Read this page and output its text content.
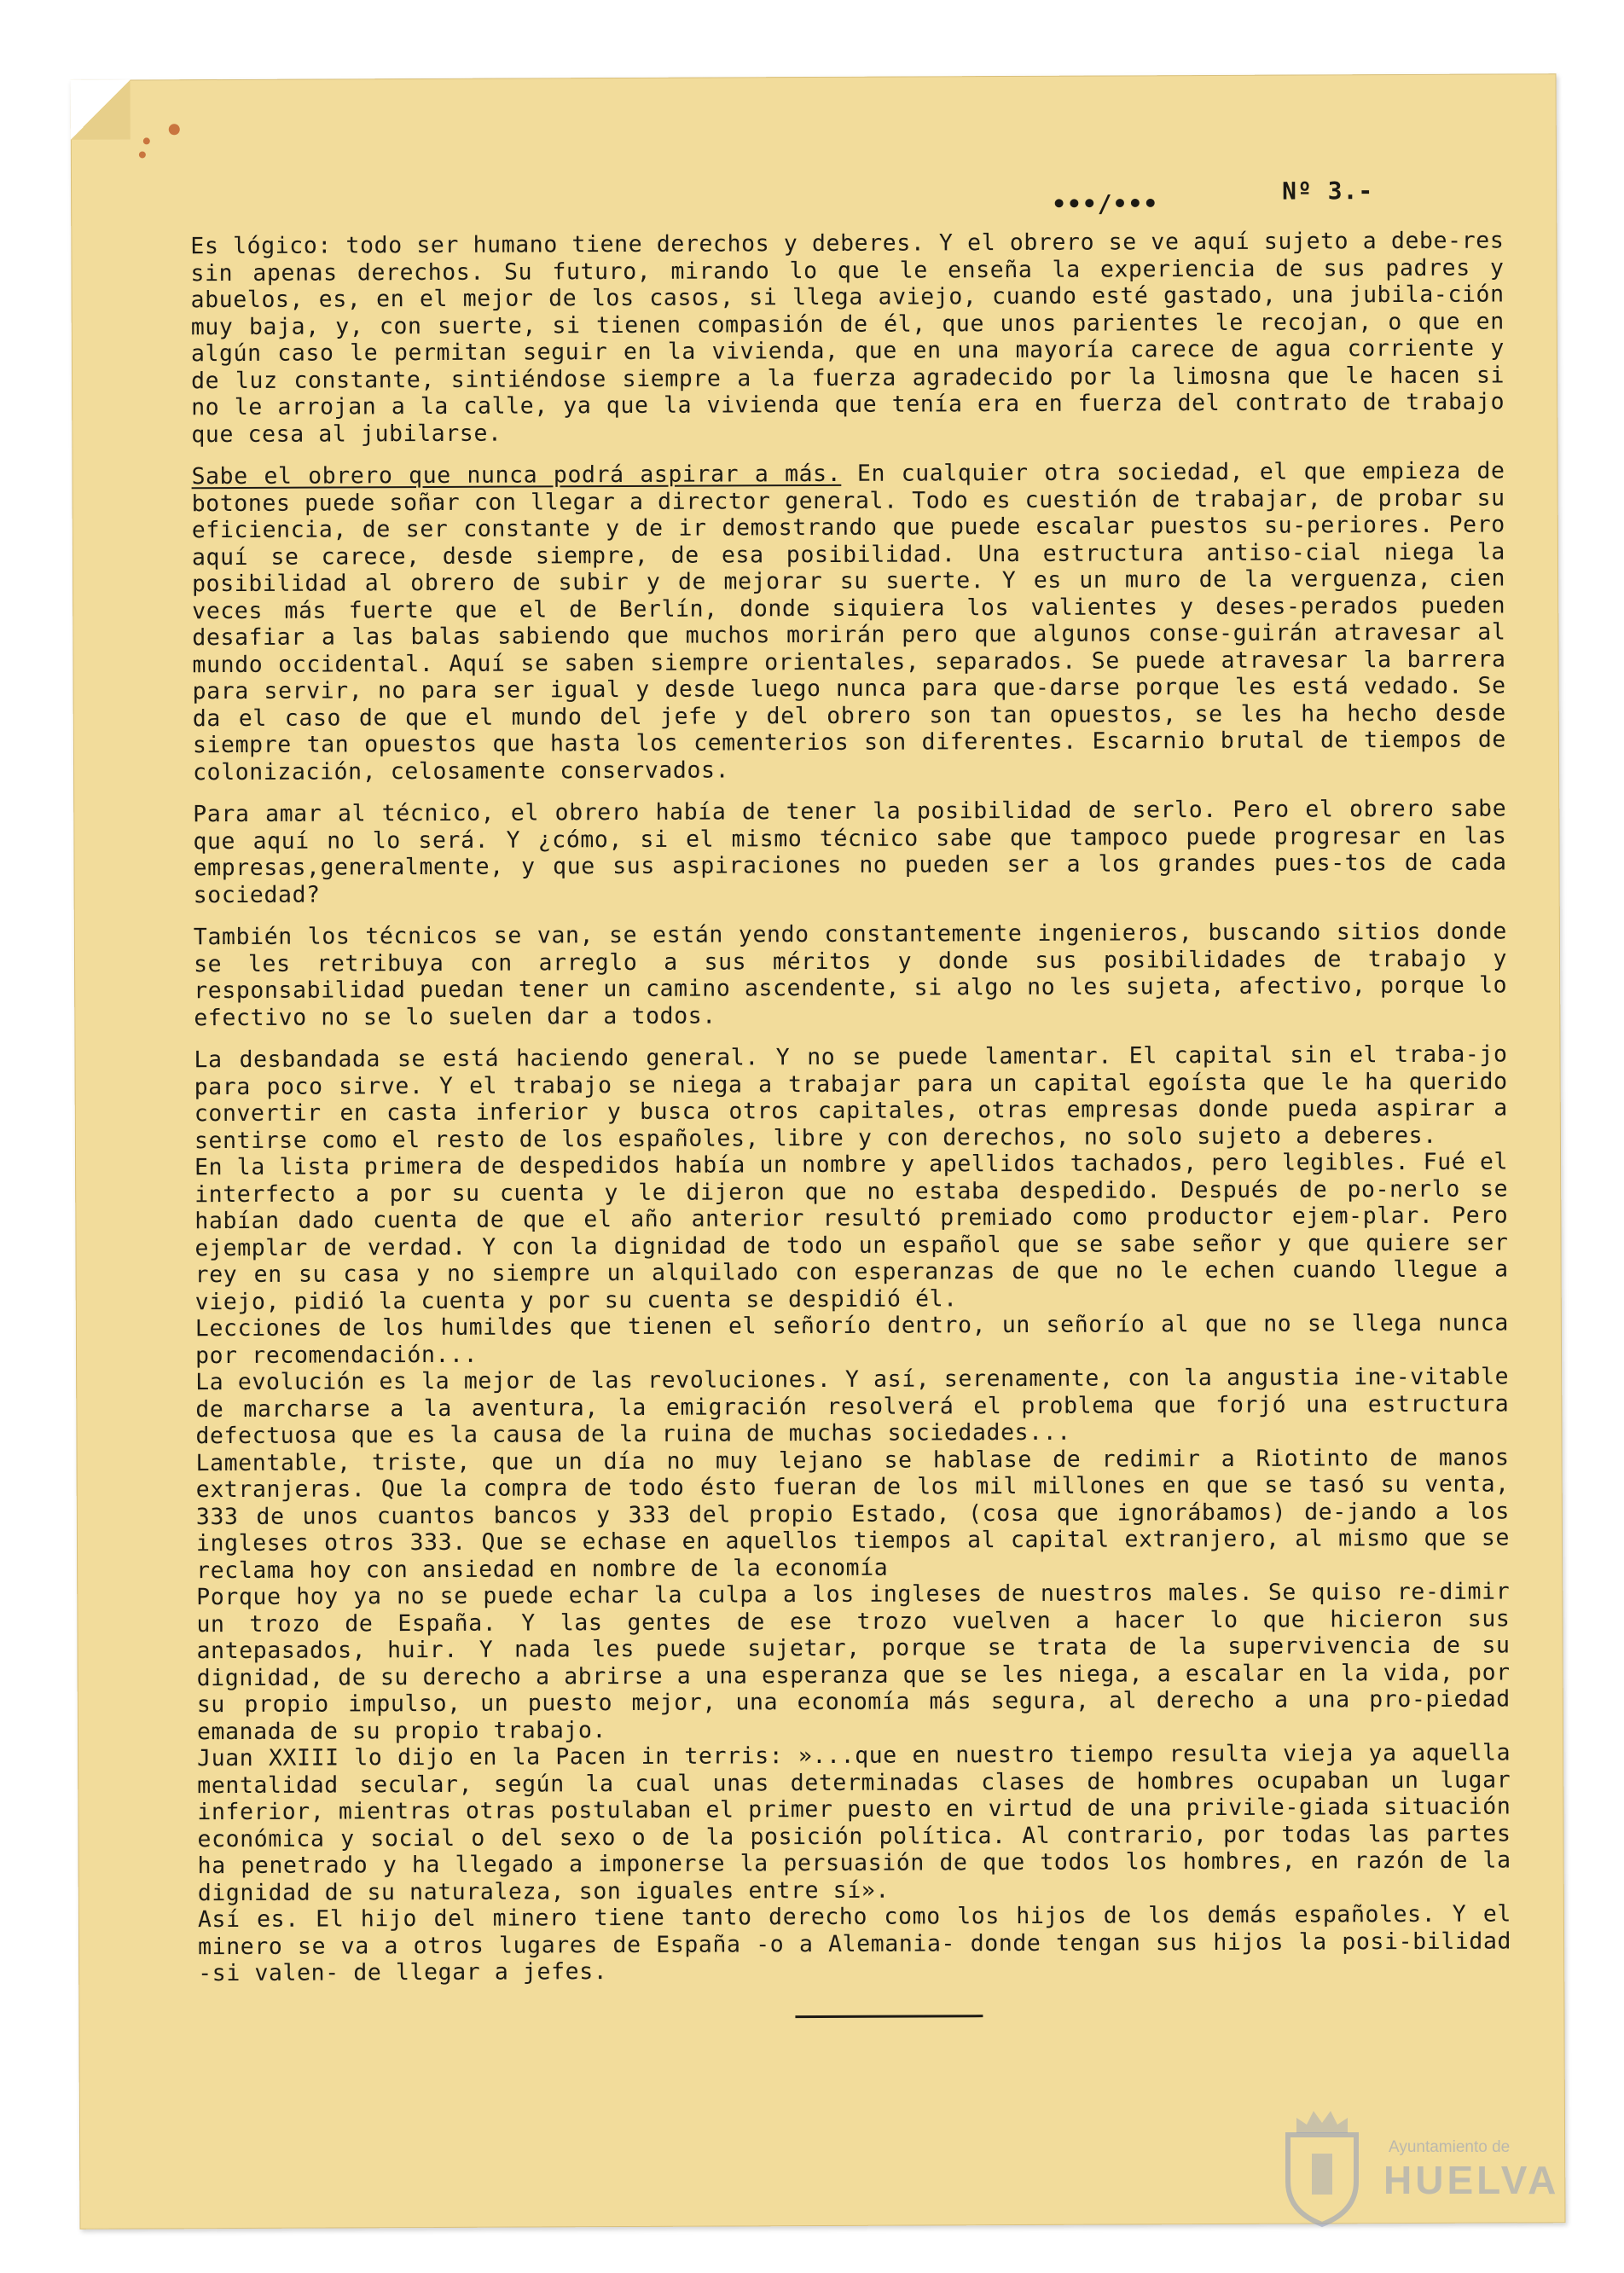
•••/•••	Nº 3.-

Es lógico: todo ser humano tiene derechos y deberes. Y el obrero se ve aquí sujeto a debe-res sin apenas derechos. Su futuro, mirando lo que le enseña la experiencia de sus padres y abuelos, es, en el mejor de los casos, si llega aviejo, cuando esté gastado, una jubila-ción muy baja, y, con suerte, si tienen compasión de él, que unos parientes le recojan, o que en algún caso le permitan seguir en la vivienda, que en una mayoría carece de agua corriente y de luz constante, sintiéndose siempre a la fuerza agradecido por la limosna que le hacen si no le arrojan a la calle, ya que la vivienda que tenía era en fuerza del contrato de trabajo que cesa al jubilarse.

Sabe el obrero que nunca podrá aspirar a más. En cualquier otra sociedad, el que empieza de botones puede soñar con llegar a director general. Todo es cuestión de trabajar, de probar su eficiencia, de ser constante y de ir demostrando que puede escalar puestos su-periores. Pero aquí se carece, desde siempre, de esa posibilidad. Una estructura antiso-cial niega la posibilidad al obrero de subir y de mejorar su suerte. Y es un muro de la verguenza, cien veces más fuerte que el de Berlín, donde siquiera los valientes y deses-perados pueden desafiar a las balas sabiendo que muchos morirán pero que algunos conse-guirán atravesar al mundo occidental. Aquí se saben siempre orientales, separados. Se puede atravesar la barrera para servir, no para ser igual y desde luego nunca para que-darse porque les está vedado. Se da el caso de que el mundo del jefe y del obrero son tan opuestos, se les ha hecho desde siempre tan opuestos que hasta los cementerios son diferentes. Escarnio brutal de tiempos de colonización, celosamente conservados.

Para amar al técnico, el obrero había de tener la posibilidad de serlo. Pero el obrero sabe que aquí no lo será. Y ¿cómo, si el mismo técnico sabe que tampoco puede progresar en las empresas,generalmente, y que sus aspiraciones no pueden ser a los grandes pues-tos de cada sociedad?

También los técnicos se van, se están yendo constantemente ingenieros, buscando sitios donde se les retribuya con arreglo a sus méritos y donde sus posibilidades de trabajo y responsabilidad puedan tener un camino ascendente, si algo no les sujeta, afectivo, porque lo efectivo no se lo suelen dar a todos.

La desbandada se está haciendo general. Y no se puede lamentar. El capital sin el traba-jo para poco sirve. Y el trabajo se niega a trabajar para un capital egoísta que le ha querido convertir en casta inferior y busca otros capitales, otras empresas donde pueda aspirar a sentirse como el resto de los españoles, libre y con derechos, no solo sujeto a deberes.

En la lista primera de despedidos había un nombre y apellidos tachados, pero legibles. Fué el interfecto a por su cuenta y le dijeron que no estaba despedido. Después de po-nerlo se habían dado cuenta de que el año anterior resultó premiado como productor ejem-plar. Pero ejemplar de verdad. Y con la dignidad de todo un español que se sabe señor y que quiere ser rey en su casa y no siempre un alquilado con esperanzas de que no le echen cuando llegue a viejo, pidió la cuenta y por su cuenta se despidió él.

Lecciones de los humildes que tienen el señorío dentro, un señorío al que no se llega nunca por recomendación...

La evolución es la mejor de las revoluciones. Y así, serenamente, con la angustia ine-vitable de marcharse a la aventura, la emigración resolverá el problema que forjó una estructura defectuosa que es la causa de la ruina de muchas sociedades...

Lamentable, triste, que un día no muy lejano se hablase de redimir a Riotinto de manos extranjeras. Que la compra de todo ésto fueran de los mil millones en que se tasó su venta, 333 de unos cuantos bancos y 333 del propio Estado, (cosa que ignorábamos) de-jando a los ingleses otros 333. Que se echase en aquellos tiempos al capital extranjero, al mismo que se reclama hoy con ansiedad en nombre de la economía

Porque hoy ya no se puede echar la culpa a los ingleses de nuestros males. Se quiso re-dimir un trozo de España. Y las gentes de ese trozo vuelven a hacer lo que hicieron sus antepasados, huir. Y nada les puede sujetar, porque se trata de la supervivencia de su dignidad, de su derecho a abrirse a una esperanza que se les niega, a escalar en la vida, por su propio impulso, un puesto mejor, una economía más segura, al derecho a una pro-piedad emanada de su propio trabajo.

Juan XXIII lo dijo en la Pacen in terris: »...que en nuestro tiempo resulta vieja ya aquella mentalidad secular, según la cual unas determinadas clases de hombres ocupaban un lugar inferior, mientras otras postulaban el primer puesto en virtud de una privile-giada situación económica y social o del sexo o de la posición política. Al contrario, por todas las partes ha penetrado y ha llegado a imponerse la persuasión de que todos los hombres, en razón de la dignidad de su naturaleza, son iguales entre sí».

Así es. El hijo del minero tiene tanto derecho como los hijos de los demás españoles. Y el minero se va a otros lugares de España -o a Alemania- donde tengan sus hijos la posi-bilidad -si valen- de llegar a jefes.

Ayuntamiento de
HUELVA
